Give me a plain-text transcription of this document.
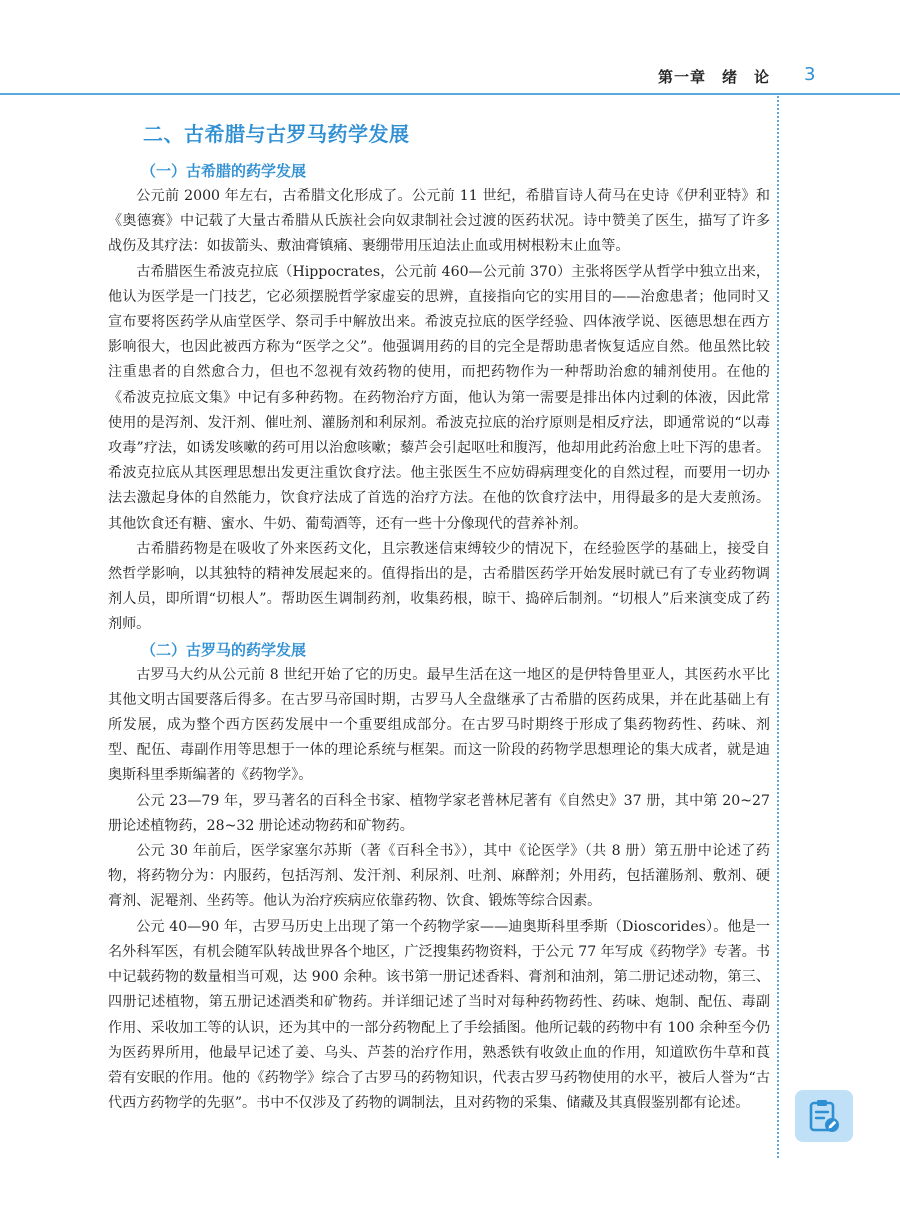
第一章　绪　论 3
二、古希腊与古罗马药学发展
（一）古希腊的药学发展

公元前 2000 年左右，古希腊文化形成了。公元前 11 世纪，希腊盲诗人荷马在史诗《伊利亚特》和《奥德赛》中记载了大量古希腊从氏族社会向奴隶制社会过渡的医药状况。诗中赞美了医生，描写了许多战伤及其疗法：如拔箭头、敷油膏镇痛、裹绷带用压迫法止血或用树根粉末止血等。

古希腊医生希波克拉底（Hippocrates，公元前 460—公元前 370）主张将医学从哲学中独立出来，他认为医学是一门技艺，它必须摆脱哲学家虚妄的思辨，直接指向它的实用目的——治愈患者；他同时又宣布要将医药学从庙堂医学、祭司手中解放出来。希波克拉底的医学经验、四体液学说、医德思想在西方影响很大，也因此被西方称为“医学之父”。他强调用药的目的完全是帮助患者恢复适应自然。他虽然比较注重患者的自然愈合力，但也不忽视有效药物的使用，而把药物作为一种帮助治愈的辅剂使用。在他的《希波克拉底文集》中记有多种药物。在药物治疗方面，他认为第一需要是排出体内过剩的体液，因此常使用的是泻剂、发汗剂、催吐剂、灌肠剂和利尿剂。希波克拉底的治疗原则是相反疗法，即通常说的“以毒攻毒”疗法，如诱发咳嗽的药可用以治愈咳嗽；藜芦会引起呕吐和腹泻，他却用此药治愈上吐下泻的患者。希波克拉底从其医理思想出发更注重饮食疗法。他主张医生不应妨碍病理变化的自然过程，而要用一切办法去激起身体的自然能力，饮食疗法成了首选的治疗方法。在他的饮食疗法中，用得最多的是大麦煎汤。其他饮食还有糖、蜜水、牛奶、葡萄酒等，还有一些十分像现代的营养补剂。

古希腊药物是在吸收了外来医药文化，且宗教迷信束缚较少的情况下，在经验医学的基础上，接受自然哲学影响，以其独特的精神发展起来的。值得指出的是，古希腊医药学开始发展时就已有了专业药物调剂人员，即所谓“切根人”。帮助医生调制药剂，收集药根，晾干、捣碎后制剂。“切根人”后来演变成了药剂师。

（二）古罗马的药学发展

古罗马大约从公元前 8 世纪开始了它的历史。最早生活在这一地区的是伊特鲁里亚人，其医药水平比其他文明古国要落后得多。在古罗马帝国时期，古罗马人全盘继承了古希腊的医药成果，并在此基础上有所发展，成为整个西方医药发展中一个重要组成部分。在古罗马时期终于形成了集药物药性、药味、剂型、配伍、毒副作用等思想于一体的理论系统与框架。而这一阶段的药物学思想理论的集大成者，就是迪奥斯科里季斯编著的《药物学》。

公元 23—79 年，罗马著名的百科全书家、植物学家老普林尼著有《自然史》37 册，其中第 20~27 册论述植物药，28~32 册论述动物药和矿物药。

公元 30 年前后，医学家塞尔苏斯（著《百科全书》），其中《论医学》（共 8 册）第五册中论述了药物，将药物分为：内服药，包括泻剂、发汗剂、利尿剂、吐剂、麻醉剂；外用药，包括灌肠剂、敷剂、硬膏剂、泥罨剂、坐药等。他认为治疗疾病应依靠药物、饮食、锻炼等综合因素。

公元 40—90 年，古罗马历史上出现了第一个药物学家——迪奥斯科里季斯（Dioscorides）。他是一名外科军医，有机会随军队转战世界各个地区，广泛搜集药物资料，于公元 77 年写成《药物学》专著。书中记载药物的数量相当可观，达 900 余种。该书第一册记述香料、膏剂和油剂，第二册记述动物，第三、四册记述植物，第五册记述酒类和矿物药。并详细记述了当时对每种药物药性、药味、炮制、配伍、毒副作用、采收加工等的认识，还为其中的一部分药物配上了手绘插图。他所记载的药物中有 100 余种至今仍为医药界所用，他最早记述了姜、乌头、芦荟的治疗作用，熟悉铁有收敛止血的作用，知道欧伤牛草和莨菪有安眠的作用。他的《药物学》综合了古罗马的药物知识，代表古罗马药物使用的水平，被后人誉为“古代西方药物学的先驱”。书中不仅涉及了药物的调制法，且对药物的采集、储藏及其真假鉴别都有论述。
